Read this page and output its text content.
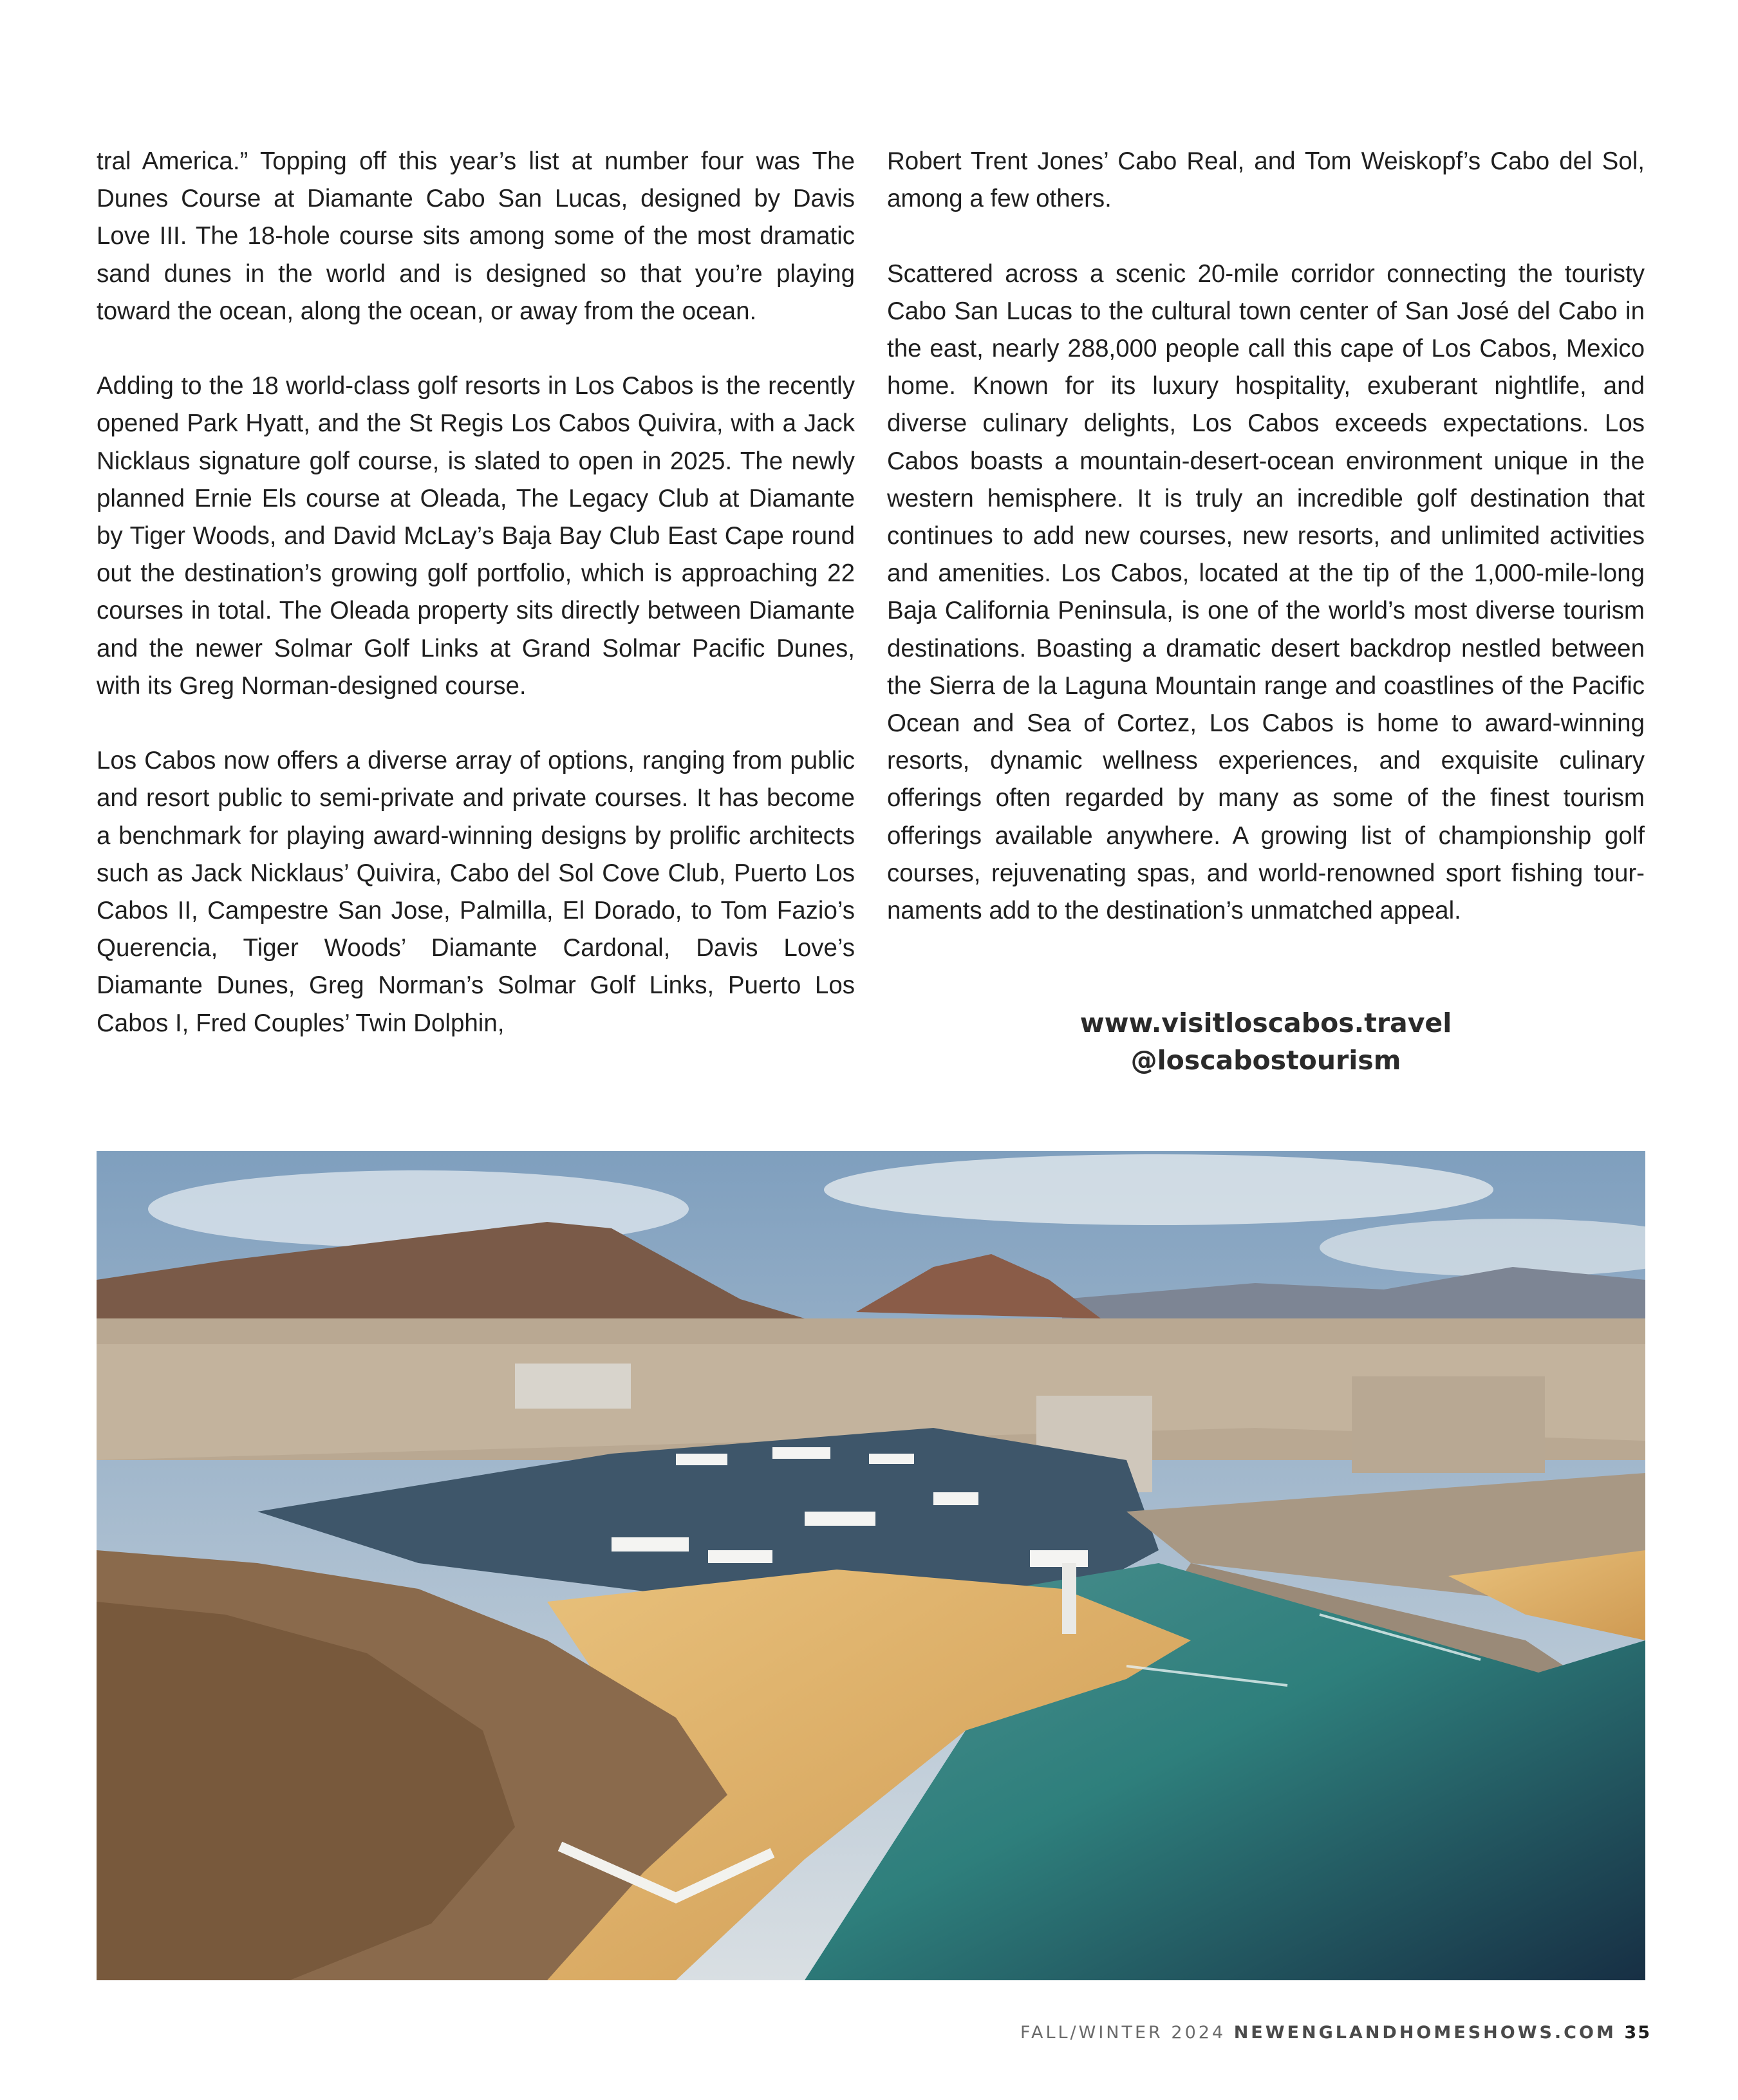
tral America.” Topping off this year’s list at number four was The Dunes Course at Diamante Cabo San Lucas, designed by Davis Love III. The 18-hole course sits among some of the most dramatic sand dunes in the world and is designed so that you’re playing toward the ocean, along the ocean, or away from the ocean.

Adding to the 18 world-class golf resorts in Los Cabos is the recently opened Park Hyatt, and the St Regis Los Cabos Quivira, with a Jack Nicklaus signature golf course, is slated to open in 2025. The newly planned Ernie Els course at Oleada, The Legacy Club at Diamante by Tiger Woods, and David McLay’s Baja Bay Club East Cape round out the destination’s growing golf portfolio, which is approaching 22 courses in total. The Oleada property sits directly between Diamante and the newer Solmar Golf Links at Grand Solmar Pacific Dunes, with its Greg Norman-designed course.

Los Cabos now offers a diverse array of options, ranging from public and resort public to semi-private and private courses. It has become a benchmark for playing award-winning designs by prolific architects such as Jack Nicklaus’ Quivira, Cabo del Sol Cove Club, Puerto Los Cabos II, Campestre San Jose, Palmilla, El Dorado, to Tom Fazio’s Querencia, Tiger Woods’ Diamante Cardonal, Davis Love’s Diamante Dunes, Greg Norman’s Solmar Golf Links, Puerto Los Cabos I, Fred Couples’ Twin Dolphin,

Robert Trent Jones’ Cabo Real, and Tom Weiskopf’s Cabo del Sol, among a few others.

Scattered across a scenic 20-mile corridor connecting the touristy Cabo San Lucas to the cultural town center of San José del Cabo in the east, nearly 288,000 people call this cape of Los Cabos, Mexico home. Known for its luxury hospitality, exuberant nightlife, and diverse culinary delights, Los Cabos exceeds expectations. Los Cabos boasts a mountain-desert-ocean environment unique in the western hemisphere. It is truly an incredible golf destination that continues to add new courses, new resorts, and unlimited activities and amenities. Los Cabos, located at the tip of the 1,000-mile-long Baja California Peninsula, is one of the world’s most diverse tourism destinations. Boasting a dramatic desert backdrop nestled between the Sierra de la Laguna Mountain range and coastlines of the Pacific Ocean and Sea of Cortez, Los Cabos is home to award-winning resorts, dynamic wellness experiences, and exquisite culinary offerings often regarded by many as some of the finest tourism offerings available anywhere. A growing list of championship golf courses, rejuvenating spas, and world-renowned sport fishing tournaments add to the destination’s unmatched appeal.

www.visitloscabos.travel
@loscabostourism
FALL/WINTER 2024 NEWENGLANDHOMESHOWS.COM 35
